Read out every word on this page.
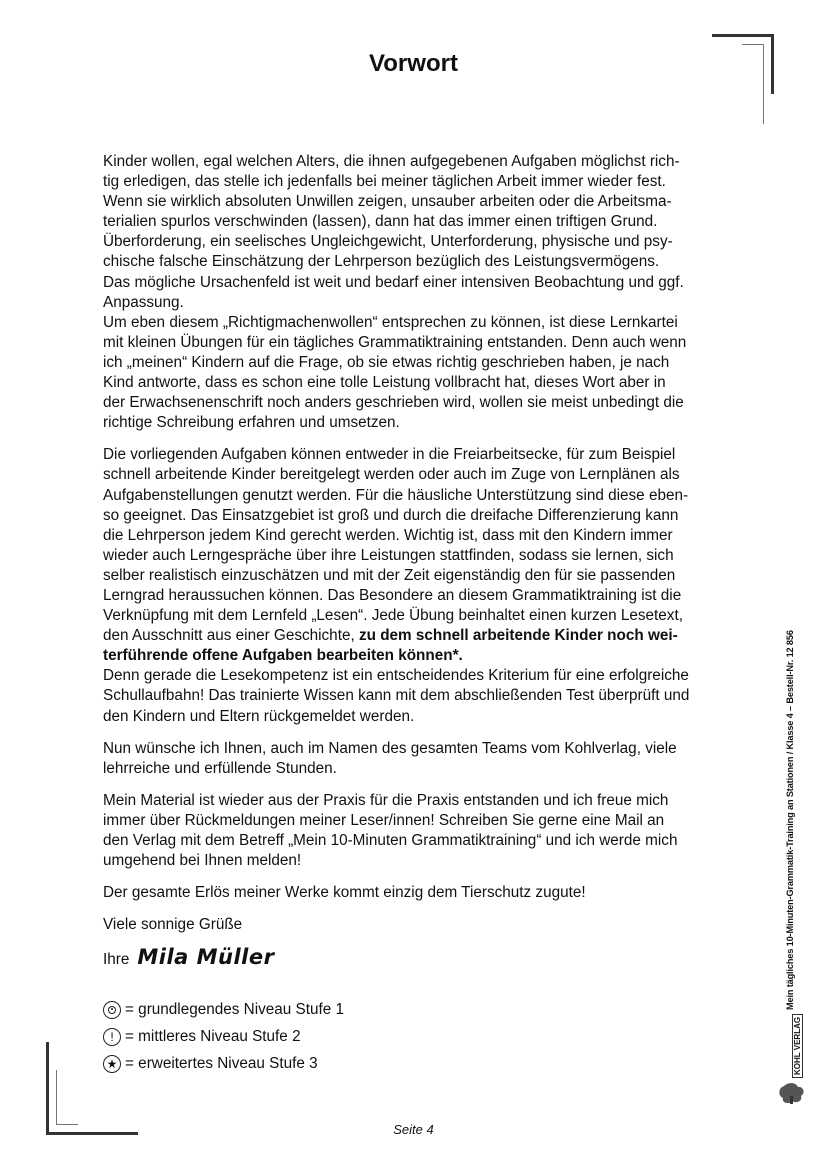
Vorwort

Kinder wollen, egal welchen Alters, die ihnen aufgegebenen Aufgaben möglichst rich-
tig erledigen, das stelle ich jedenfalls bei meiner täglichen Arbeit immer wieder fest.
Wenn sie wirklich absoluten Unwillen zeigen, unsauber arbeiten oder die Arbeitsma-
terialien spurlos verschwinden (lassen), dann hat das immer einen triftigen Grund.
Überforderung, ein seelisches Ungleichgewicht, Unterforderung, physische und psy-
chische falsche Einschätzung der Lehrperson bezüglich des Leistungsvermögens.
Das mögliche Ursachenfeld ist weit und bedarf einer intensiven Beobachtung und ggf.
Anpassung.

Um eben diesem „Richtigmachenwollen“ entsprechen zu können, ist diese Lernkartei
mit kleinen Übungen für ein tägliches Grammatiktraining entstanden. Denn auch wenn
ich „meinen“ Kindern auf die Frage, ob sie etwas richtig geschrieben haben, je nach
Kind antworte, dass es schon eine tolle Leistung vollbracht hat, dieses Wort aber in
der Erwachsenenschrift noch anders geschrieben wird, wollen sie meist unbedingt die
richtige Schreibung erfahren und umsetzen.

Die vorliegenden Aufgaben können entweder in die Freiarbeitsecke, für zum Beispiel
schnell arbeitende Kinder bereitgelegt werden oder auch im Zuge von Lernplänen als
Aufgabenstellungen genutzt werden. Für die häusliche Unterstützung sind diese eben-
so geeignet. Das Einsatzgebiet ist groß und durch die dreifache Differenzierung kann
die Lehrperson jedem Kind gerecht werden. Wichtig ist, dass mit den Kindern immer
wieder auch Lerngespräche über ihre Leistungen stattfinden, sodass sie lernen, sich
selber realistisch einzuschätzen und mit der Zeit eigenständig den für sie passenden
Lerngrad heraussuchen können. Das Besondere an diesem Grammatiktraining ist die
Verknüpfung mit dem Lernfeld „Lesen“. Jede Übung beinhaltet einen kurzen Lesetext,
den Ausschnitt aus einer Geschichte, zu dem schnell arbeitende Kinder noch wei-
terführende offene Aufgaben bearbeiten können*.

Denn gerade die Lesekompetenz ist ein entscheidendes Kriterium für eine erfolgreiche
Schullaufbahn! Das trainierte Wissen kann mit dem abschließenden Test überprüft und
den Kindern und Eltern rückgemeldet werden.

Nun wünsche ich Ihnen, auch im Namen des gesamten Teams vom Kohlverlag, viele
lehrreiche und erfüllende Stunden.

Mein Material ist wieder aus der Praxis für die Praxis entstanden und ich freue mich
immer über Rückmeldungen meiner Leser/innen! Schreiben Sie gerne eine Mail an
den Verlag mit dem Betreff „Mein 10-Minuten Grammatiktraining“ und ich werde mich
umgehend bei Ihnen melden!

Der gesamte Erlös meiner Werke kommt einzig dem Tierschutz zugute!

Viele sonnige Grüße

Ihre Mila Müller
= grundlegendes Niveau Stufe 1
! = mittleres Niveau Stufe 2
★ = erweitertes Niveau Stufe 3
Mein tägliches 10-Minuten-Grammatik-Training an Stationen / Klasse 4 – Bestell-Nr. 12 856
KOHL VERLAG
Seite 4
